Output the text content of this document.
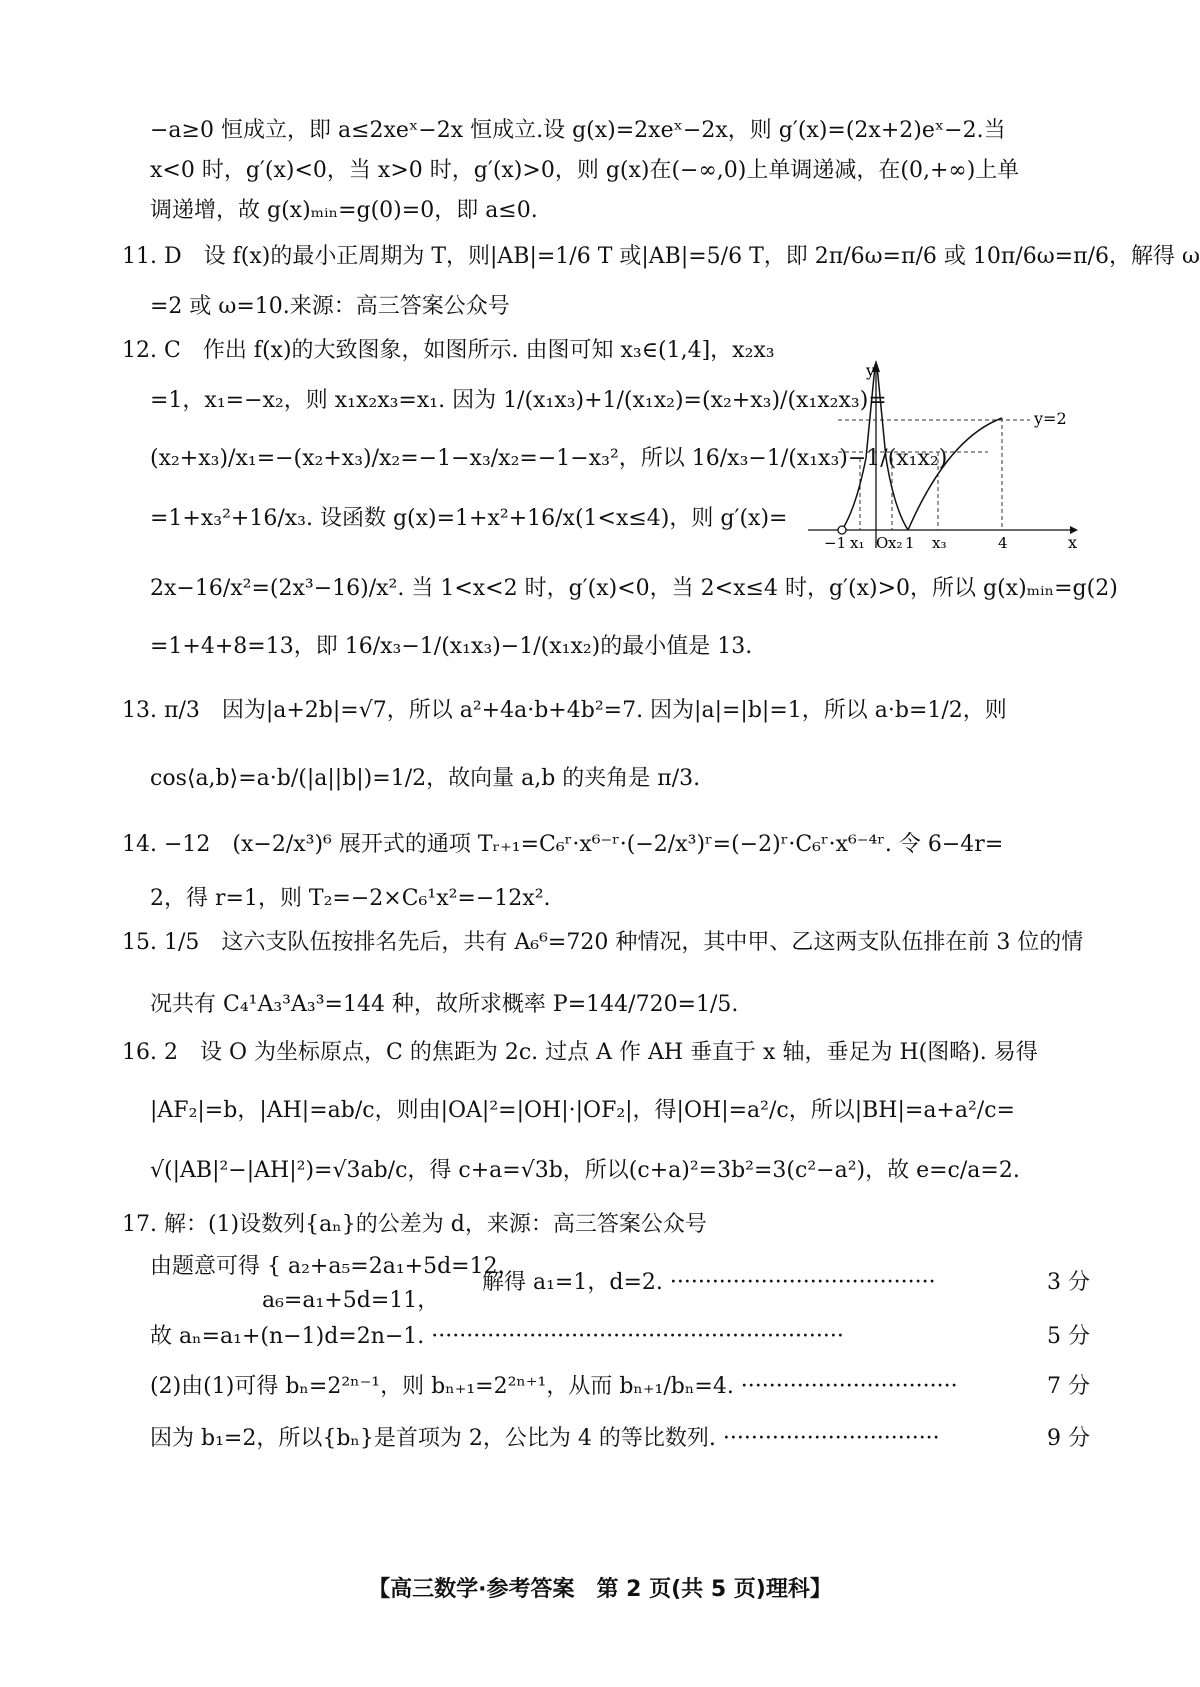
−a≥0 恒成立，即 a≤2xeˣ−2x 恒成立.设 g(x)=2xeˣ−2x，则 g′(x)=(2x+2)eˣ−2.当
x<0 时，g′(x)<0，当 x>0 时，g′(x)>0，则 g(x)在(−∞,0)上单调递减，在(0,+∞)上单
调递增，故 g(x)ₘᵢₙ=g(0)=0，即 a≤0.
11. D　设 f(x)的最小正周期为 T，则|AB|=1/6 T 或|AB|=5/6 T，即 2π/6ω=π/6 或 10π/6ω=π/6，解得 ω
=2 或 ω=10.来源：高三答案公众号
12. C　作出 f(x)的大致图象，如图所示. 由图可知 x₃∈(1,4]，x₂x₃
=1，x₁=−x₂，则 x₁x₂x₃=x₁. 因为 1/(x₁x₃)+1/(x₁x₂)=(x₂+x₃)/(x₁x₂x₃)=
(x₂+x₃)/x₁=−(x₂+x₃)/x₂=−1−x₃/x₂=−1−x₃²，所以 16/x₃−1/(x₁x₃)−1/(x₁x₂)
=1+x₃²+16/x₃. 设函数 g(x)=1+x²+16/x(1<x≤4)，则 g′(x)=
2x−16/x²=(2x³−16)/x². 当 1<x<2 时，g′(x)<0，当 2<x≤4 时，g′(x)>0，所以 g(x)ₘᵢₙ=g(2)
=1+4+8=13，即 16/x₃−1/(x₁x₃)−1/(x₁x₂)的最小值是 13.
y
x
y=2
−1 x₁ O x₂ 1 x₃	4
13. π/3　因为|a+2b|=√7，所以 a²+4a·b+4b²=7. 因为|a|=|b|=1，所以 a·b=1/2，则
cos⟨a,b⟩=a·b/(|a||b|)=1/2，故向量 a,b 的夹角是 π/3.
14. −12　(x−2/x³)⁶ 展开式的通项 Tᵣ₊₁=C₆ʳ·x⁶⁻ʳ·(−2/x³)ʳ=(−2)ʳ·C₆ʳ·x⁶⁻⁴ʳ. 令 6−4r=
2，得 r=1，则 T₂=−2×C₆¹x²=−12x².
15. 1/5　这六支队伍按排名先后，共有 A₆⁶=720 种情况，其中甲、乙这两支队伍排在前 3 位的情
况共有 C₄¹A₃³A₃³=144 种，故所求概率 P=144/720=1/5.
16. 2　设 O 为坐标原点，C 的焦距为 2c. 过点 A 作 AH 垂直于 x 轴，垂足为 H(图略). 易得
|AF₂|=b，|AH|=ab/c，则由|OA|²=|OH|·|OF₂|，得|OH|=a²/c，所以|BH|=a+a²/c=
√(|AB|²−|AH|²)=√3ab/c，得 c+a=√3b，所以(c+a)²=3b²=3(c²−a²)，故 e=c/a=2.
17. 解：(1)设数列{aₙ}的公差为 d，来源：高三答案公众号
由题意可得 { a₂+a₅=2a₁+5d=12，
a₆=a₁+5d=11，
解得 a₁=1，d=2. ······································	3 分
故 aₙ=a₁+(n−1)d=2n−1. ···························································	5 分
(2)由(1)可得 bₙ=2²ⁿ⁻¹，则 bₙ₊₁=2²ⁿ⁺¹，从而 bₙ₊₁/bₙ=4. ·······························	7 分
因为 b₁=2，所以{bₙ}是首项为 2，公比为 4 的等比数列. ·······························	9 分
【高三数学·参考答案　第 2 页(共 5 页)理科】
